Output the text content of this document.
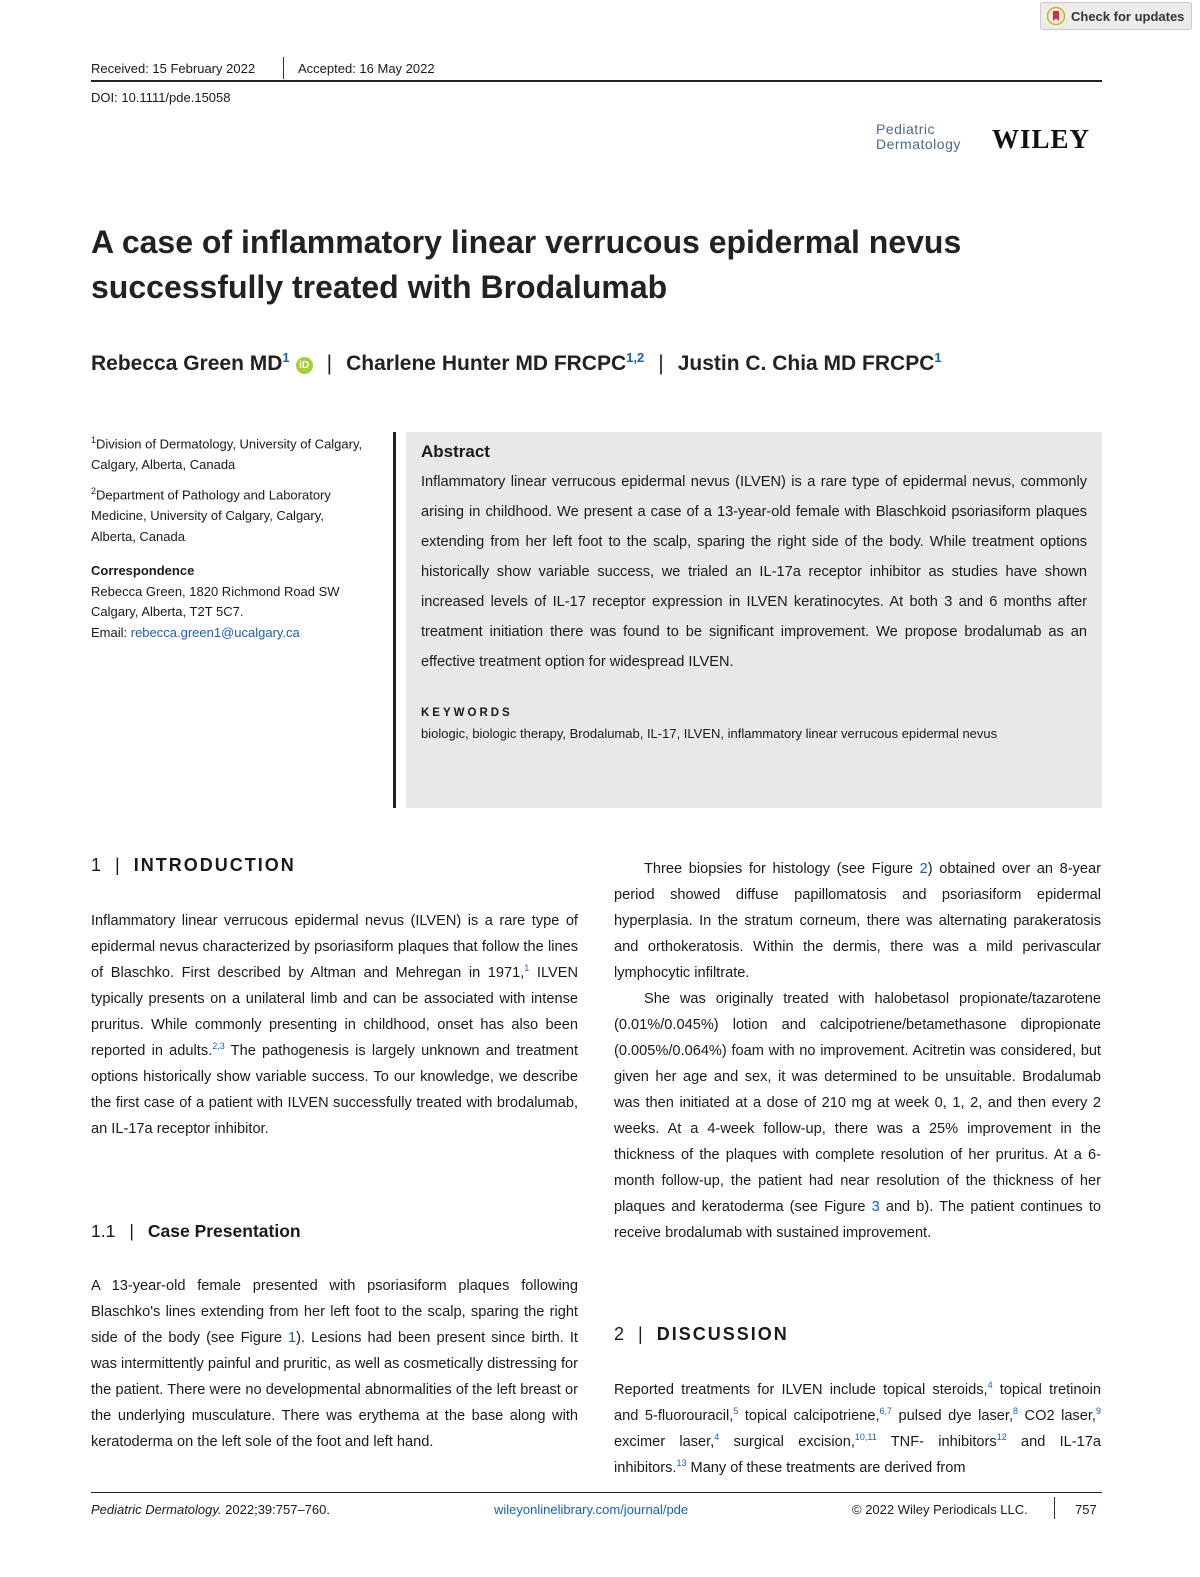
Check for updates
Received: 15 February 2022	Accepted: 16 May 2022
DOI: 10.1111/pde.15058
Pediatric
Dermatology WILEY
A case of inflammatory linear verrucous epidermal nevus successfully treated with Brodalumab
Rebecca Green $MD^1iD$ | Charlene Hunter MD FRCPC$^{1,2}$ | Justin C. Chia MD FRCPC$^1$

$^1$Division of Dermatology, University of Calgary, Calgary, Alberta, Canada

$^2$Department of Pathology and Laboratory Medicine, University of Calgary, Calgary, Alberta, Canada

Correspondence

Rebecca Green, 1820 Richmond Road SW
Calgary, Alberta, T2T 5C7.
Email: rebecca.green1@ucalgary.ca

Abstract

Inflammatory linear verrucous epidermal nevus (ILVEN) is a rare type of epidermal nevus, commonly arising in childhood. We present a case of a 13-year-old female with Blaschkoid psoriasiform plaques extending from her left foot to the scalp, sparing the right side of the body. While treatment options historically show variable success, we trialed an IL-17a receptor inhibitor as studies have shown increased levels of IL-17 receptor expression in ILVEN keratinocytes. At both 3 and 6 months after treatment initiation there was found to be significant improvement. We propose brodalumab as an effective treatment option for widespread ILVEN.

KEYWORDS

biologic, biologic therapy, Brodalumab, IL-17, ILVEN, inflammatory linear verrucous epidermal nevus

1 | INTRODUCTION

Inflammatory linear verrucous epidermal nevus (ILVEN) is a rare type of epidermal nevus characterized by psoriasiform plaques that follow the lines of Blaschko. First described by Altman and Mehregan in 1971,$^1$ ILVEN typically presents on a unilateral limb and can be associated with intense pruritus. While commonly presenting in childhood, onset has also been reported in adults.$^{2,3}$ The pathogenesis is largely unknown and treatment options historically show variable success. To our knowledge, we describe the first case of a patient with ILVEN successfully treated with brodalumab, an IL-17a receptor inhibitor.

1.1 | Case Presentation

A 13-year-old female presented with psoriasiform plaques following Blaschko's lines extending from her left foot to the scalp, sparing the right side of the body (see Figure 1). Lesions had been present since birth. It was intermittently painful and pruritic, as well as cosmetically distressing for the patient. There were no developmental abnormalities of the left breast or the underlying musculature. There was erythema at the base along with keratoderma on the left sole of the foot and left hand.

Three biopsies for histology (see Figure 2) obtained over an 8-year period showed diffuse papillomatosis and psoriasiform epidermal hyperplasia. In the stratum corneum, there was alternating parakeratosis and orthokeratosis. Within the dermis, there was a mild perivascular lymphocytic infiltrate.

She was originally treated with halobetasol propionate/tazarotene (0.01%/0.045%) lotion and calcipotriene/betamethasone dipropionate (0.005%/0.064%) foam with no improvement. Acitretin was considered, but given her age and sex, it was determined to be unsuitable. Brodalumab was then initiated at a dose of 210 mg at week 0, 1, 2, and then every 2 weeks. At a 4-week follow-up, there was a 25% improvement in the thickness of the plaques with complete resolution of her pruritus. At a 6-month follow-up, the patient had near resolution of the thickness of her plaques and keratoderma (see Figure 3 and b). The patient continues to receive brodalumab with sustained improvement.

2 | DISCUSSION

Reported treatments for ILVEN include topical steroids,$^4$ topical tretinoin and 5-fluorouracil,$^5$ topical calcipotriene,$^{6,7}$ pulsed dye laser,$^8$ CO2 laser,$^9$ excimer laser,$^4$ surgical excision,$^{10,11}$ TNF- inhibitors$^{12}$ and IL-17a inhibitors.$^{13}$ Many of these treatments are derived from

Pediatric Dermatology. 2022;39:757–760.	wileyonlinelibrary.com/journal/pde	© 2022 Wiley Periodicals LLC.	757
